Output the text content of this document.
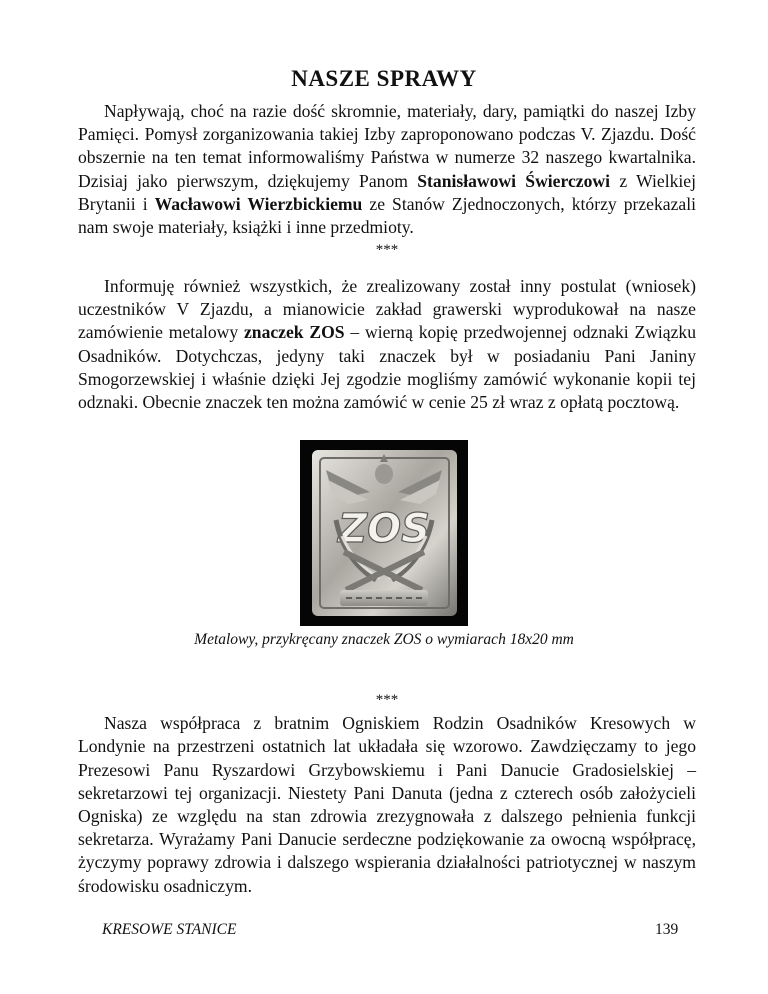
NASZE SPRAWY

Napływają, choć na razie dość skromnie, materiały, dary, pamiątki do naszej Izby Pamięci. Pomysł zorganizowania takiej Izby zaproponowano podczas V. Zjazdu. Dość obszernie na ten temat informowaliśmy Państwa w numerze 32 naszego kwartalnika. Dzisiaj jako pierwszym, dziękujemy Panom Stanisławowi Świerczowi z Wielkiej Brytanii i Wacławowi Wierzbickiemu ze Stanów Zjednoczonych, którzy przekazali nam swoje materiały, książki i inne przedmioty.

***

Informuję również wszystkich, że zrealizowany został inny postulat (wniosek) uczestników V Zjazdu, a mianowicie zakład grawerski wyprodukował na nasze zamówienie metalowy znaczek ZOS – wierną kopię przedwojennej odznaki Związku Osadników. Dotychczas, jedyny taki znaczek był w posiadaniu Pani Janiny Smogorzewskiej i właśnie dzięki Jej zgodzie mogliśmy zamówić wykonanie kopii tej odznaki. Obecnie znaczek ten można zamówić w cenie 25 zł wraz z opłatą pocztową.

ZOS
Metalowy, przykręcany znaczek ZOS o wymiarach 18x20 mm

***

Nasza współpraca z bratnim Ogniskiem Rodzin Osadników Kresowych w Londynie na przestrzeni ostatnich lat układała się wzorowo. Zawdzięczamy to jego Prezesowi Panu Ryszardowi Grzybowskiemu i Pani Danucie Gradosielskiej – sekretarzowi tej organizacji. Niestety Pani Danuta (jedna z czterech osób założycieli Ogniska) ze względu na stan zdrowia zrezygnowała z dalszego pełnienia funkcji sekretarza. Wyrażamy Pani Danucie serdeczne podziękowanie za owocną współpracę, życzymy poprawy zdrowia i dalszego wspierania działalności patriotycznej w naszym środowisku osadniczym.

KRESOWE STANICE	139
